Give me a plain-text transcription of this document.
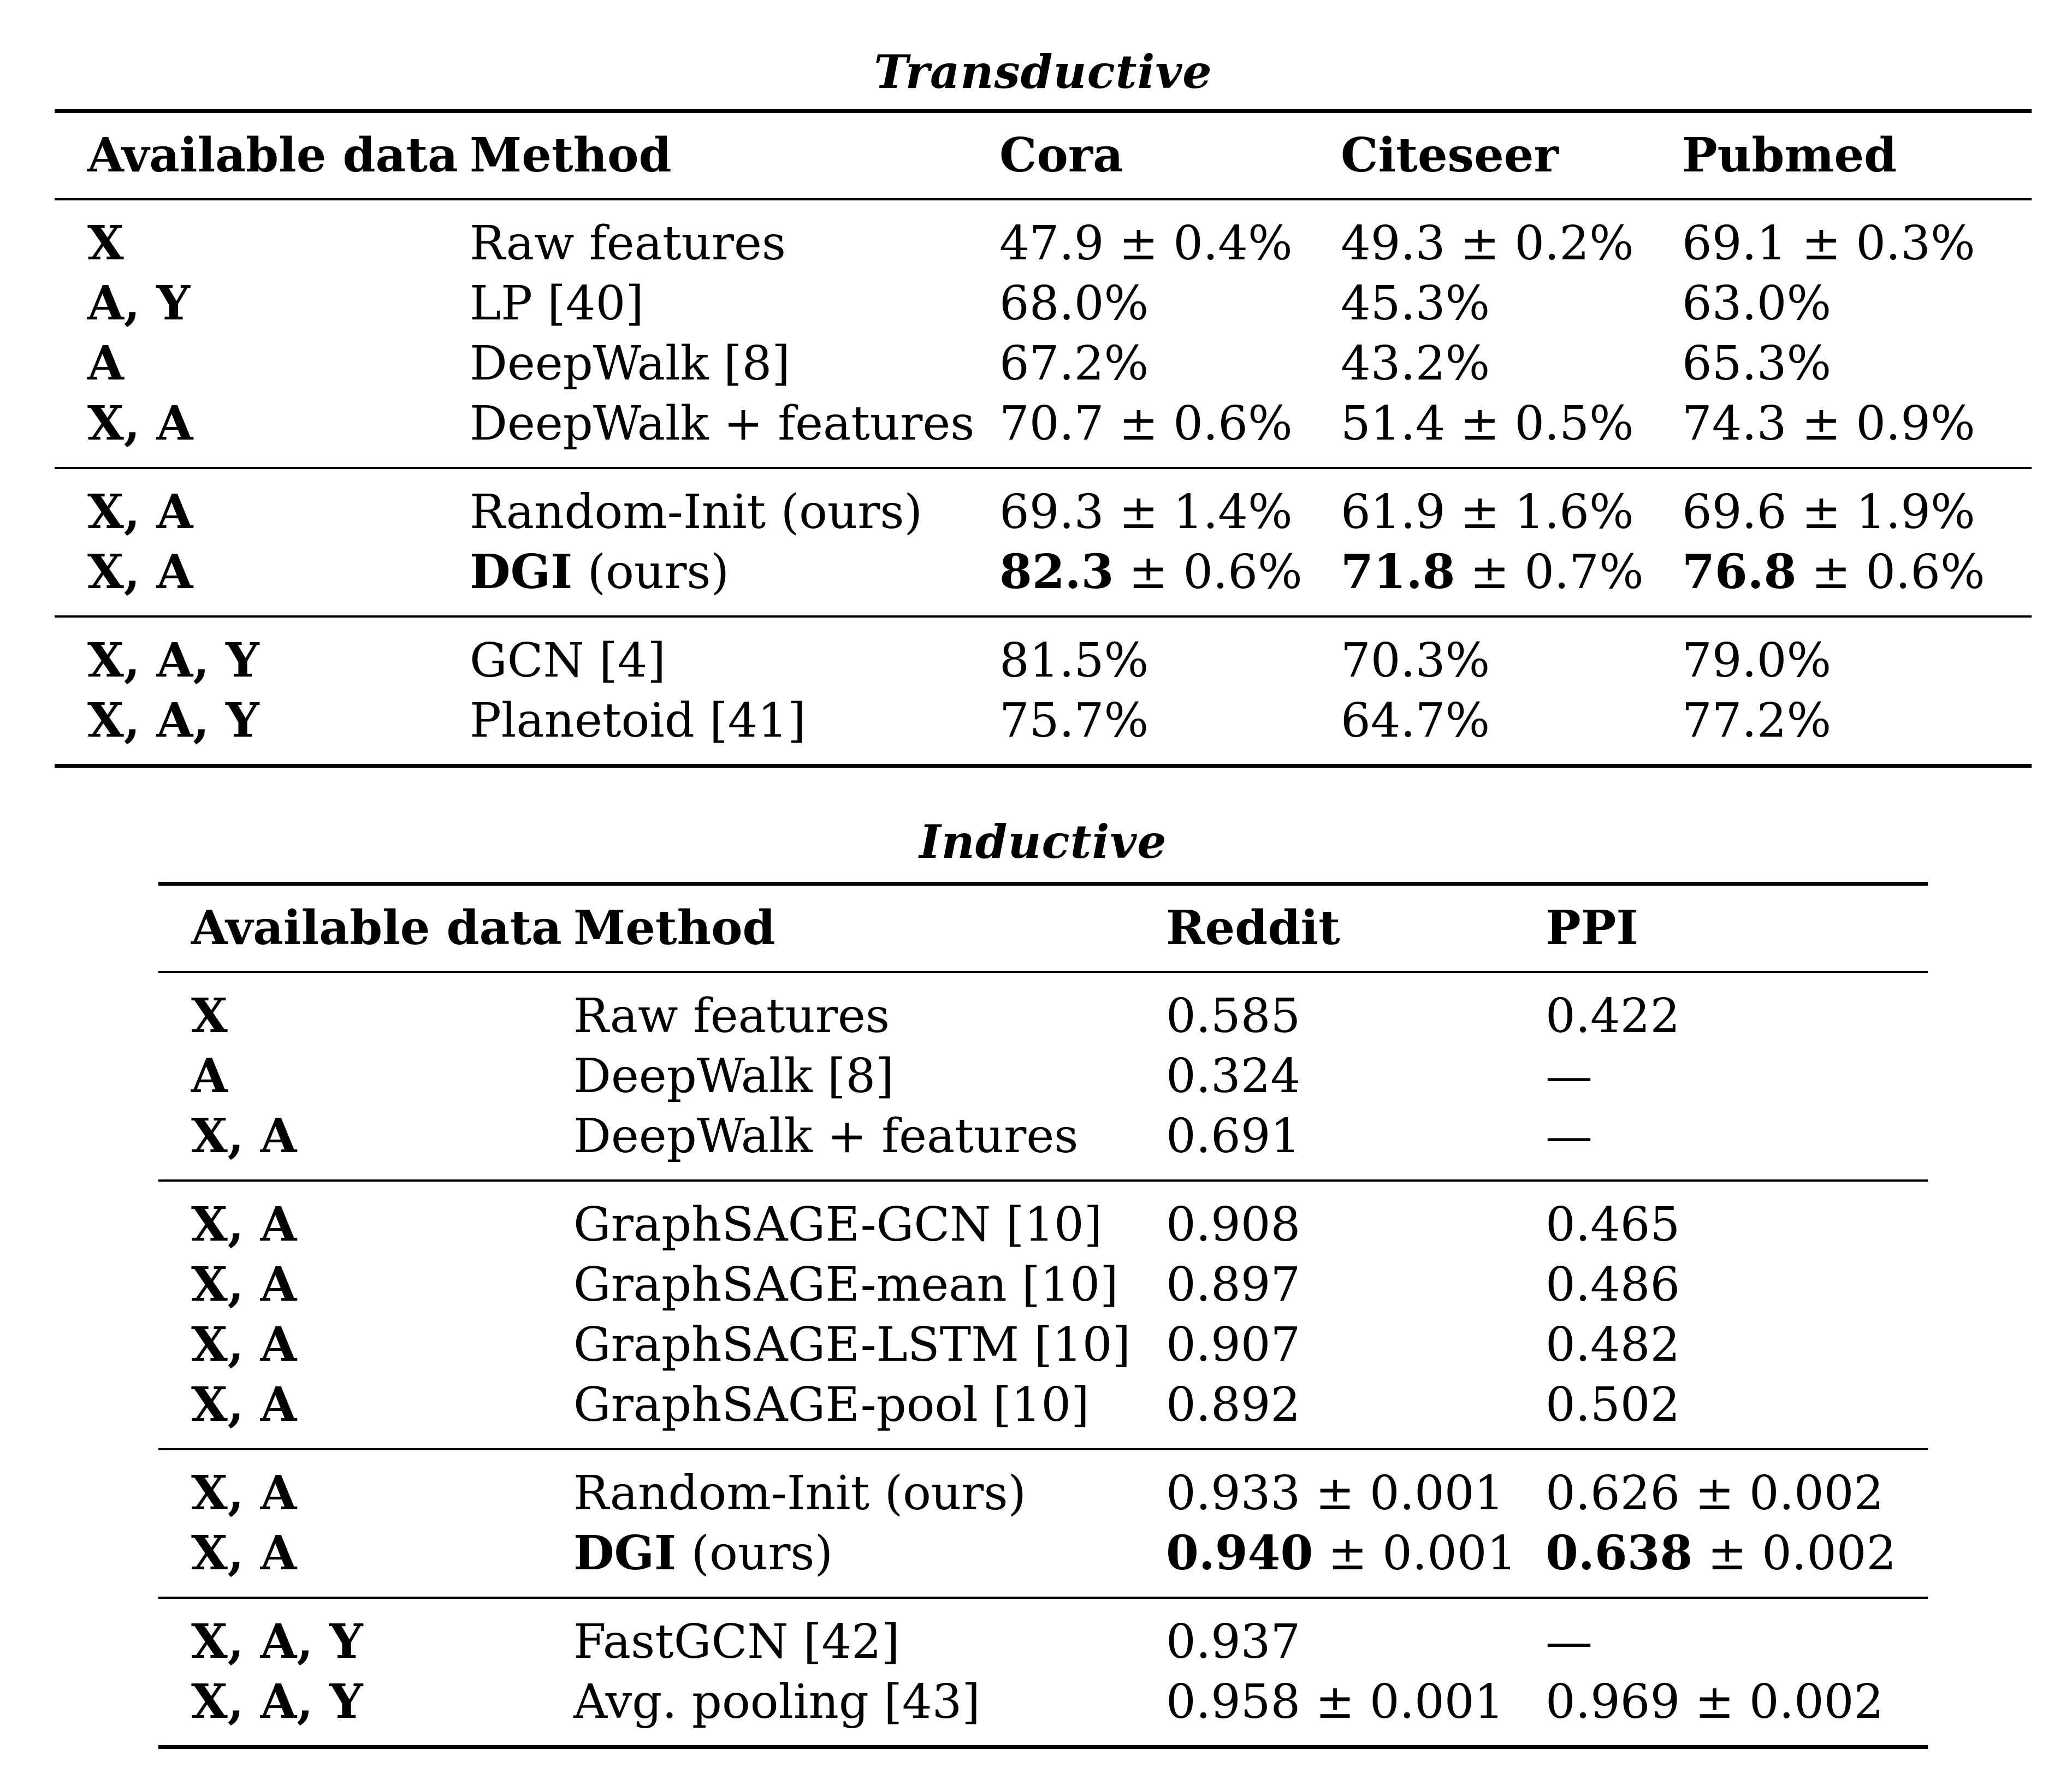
Transductive
Available data	Method	Cora	Citeseer	Pubmed
X	Raw features	47.9 ± 0.4%	49.3 ± 0.2%	69.1 ± 0.3%
A, Y	LP [40]	68.0%	45.3%	63.0%
A	DeepWalk [8]	67.2%	43.2%	65.3%
X, A	DeepWalk + features	70.7 ± 0.6%	51.4 ± 0.5%	74.3 ± 0.9%
X, A	Random-Init (ours)	69.3 ± 1.4%	61.9 ± 1.6%	69.6 ± 1.9%
X, A	DGI (ours)	82.3 ± 0.6%	71.8 ± 0.7%	76.8 ± 0.6%
X, A, Y	GCN [4]	81.5%	70.3%	79.0%
X, A, Y	Planetoid [41]	75.7%	64.7%	77.2%
Inductive
Available data	Method	Reddit	PPI
X	Raw features	0.585	0.422
A	DeepWalk [8]	0.324	—
X, A	DeepWalk + features	0.691	—
X, A	GraphSAGE-GCN [10]	0.908	0.465
X, A	GraphSAGE-mean [10]	0.897	0.486
X, A	GraphSAGE-LSTM [10]	0.907	0.482
X, A	GraphSAGE-pool [10]	0.892	0.502
X, A	Random-Init (ours)	0.933 ± 0.001	0.626 ± 0.002
X, A	DGI (ours)	0.940 ± 0.001	0.638 ± 0.002
X, A, Y	FastGCN [42]	0.937	—
X, A, Y	Avg. pooling [43]	0.958 ± 0.001	0.969 ± 0.002
